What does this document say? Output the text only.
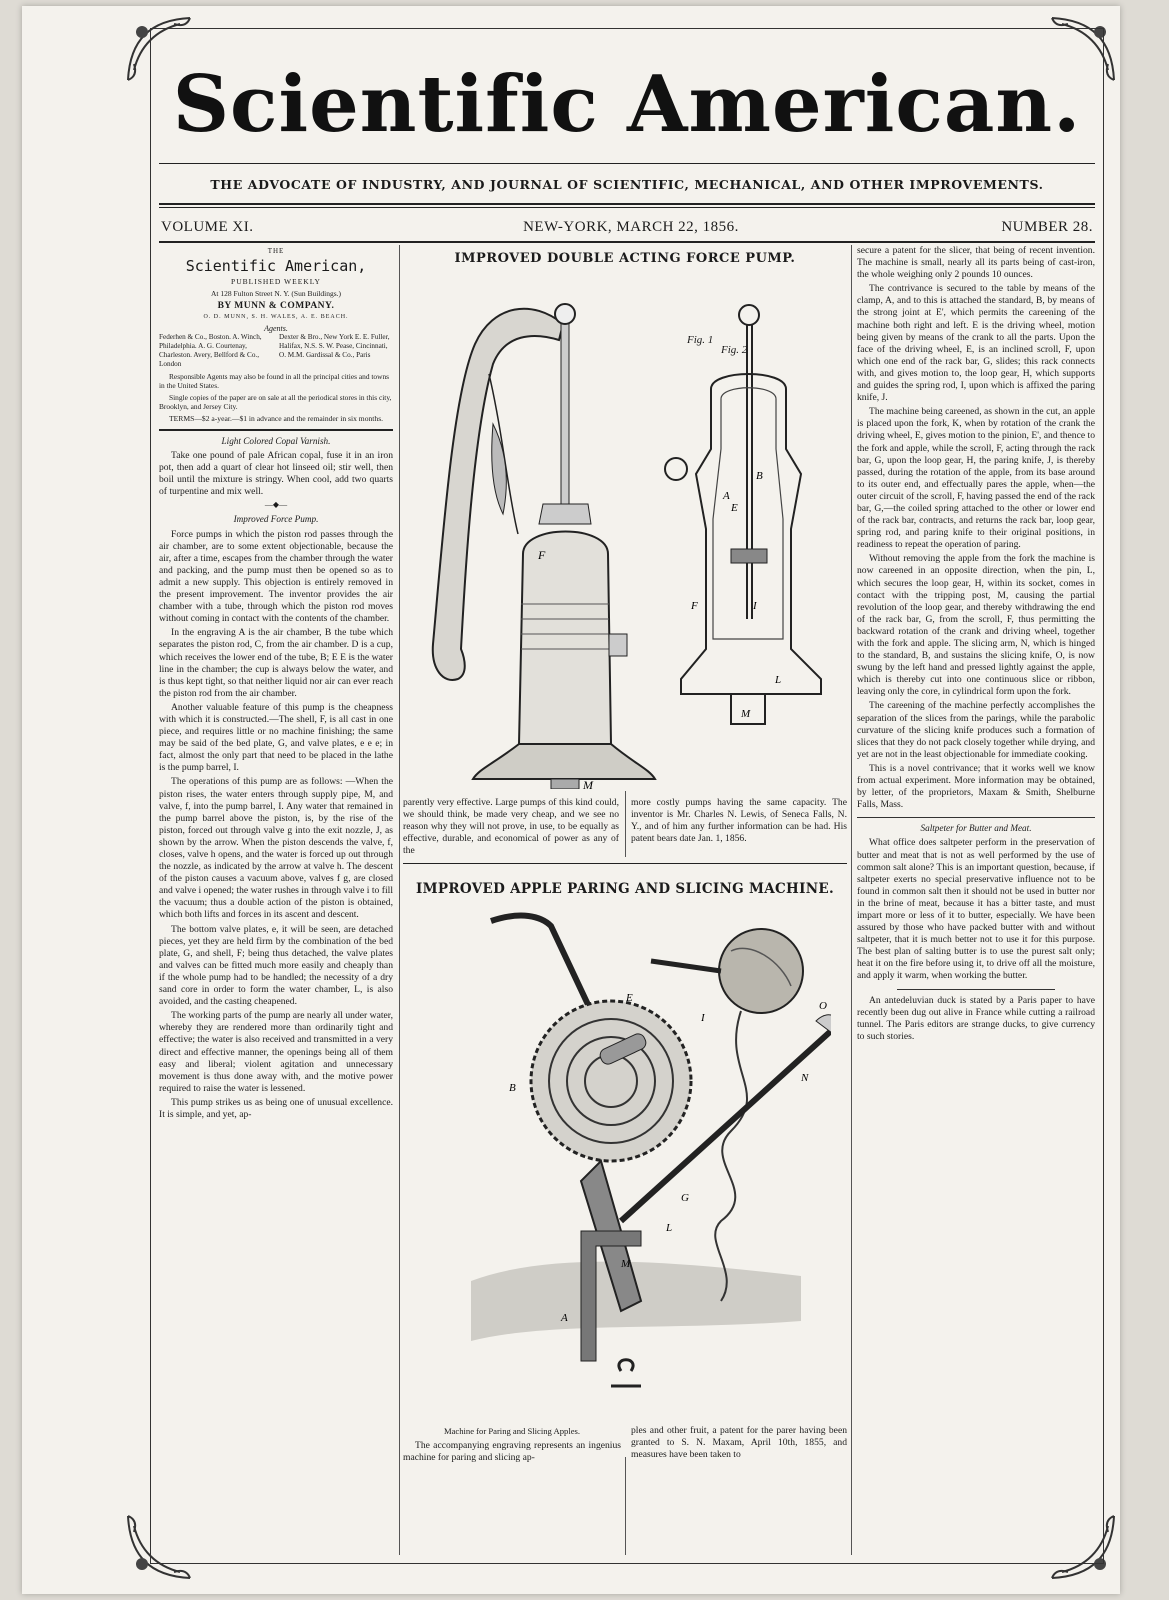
Scientific American.
THE ADVOCATE OF INDUSTRY, AND JOURNAL OF SCIENTIFIC, MECHANICAL, AND OTHER IMPROVEMENTS.
VOLUME XI.	NEW-YORK, MARCH 22, 1856.	NUMBER 28.
THE
Scientific American,
PUBLISHED WEEKLY
At 128 Fulton Street N. Y. (Sun Buildings.)
BY MUNN & COMPANY.
O. D. MUNN, S. H. WALES, A. E. BEACH.
Agents.
Federhen & Co., Boston. A. Winch, Philadelphia. A. G. Courtenay, Charleston. Avery, Bellford & Co., London
Dexter & Bro., New York E. E. Fuller, Halifax, N.S. S. W. Pease, Cincinnati, O. M.M. Gardissal & Co., Paris
Responsible Agents may also be found in all the principal cities and towns in the United States.
Single copies of the paper are on sale at all the periodical stores in this city, Brooklyn, and Jersey City.
TERMS—$2 a-year.—$1 in advance and the remainder in six months.

Light Colored Copal Varnish.

Take one pound of pale African copal, fuse it in an iron pot, then add a quart of clear hot linseed oil; stir well, then boil until the mixture is stringy. When cool, add two quarts of turpentine and mix well.

—◆—

Improved Force Pump.

Force pumps in which the piston rod passes through the air chamber, are to some extent objectionable, because the air, after a time, escapes from the chamber through the water and packing, and the pump must then be opened so as to admit a new supply. This objection is entirely removed in the present improvement. The inventor provides the air chamber with a tube, through which the piston rod moves without coming in contact with the contents of the chamber.

In the engraving A is the air chamber, B the tube which separates the piston rod, C, from the air chamber. D is a cup, which receives the lower end of the tube, B; E E is the water line in the chamber; the cup is always below the water, and is thus kept tight, so that neither liquid nor air can ever reach the piston rod from the air chamber.

Another valuable feature of this pump is the cheapness with which it is constructed.—The shell, F, is all cast in one piece, and requires little or no machine finishing; the same may be said of the bed plate, G, and valve plates, e e e; in fact, almost the only part that need to be placed in the lathe is the pump barrel, I.

The operations of this pump are as follows: —When the piston rises, the water enters through supply pipe, M, and valve, f, into the pump barrel, I. Any water that remained in the pump barrel above the piston, is, by the rise of the piston, forced out through valve g into the exit nozzle, J, as shown by the arrow. When the piston descends the valve, f, closes, valve h opens, and the water is forced up out through the nozzle, as indicated by the arrow at valve h. The descent of the piston causes a vacuum above, valves f g, are closed and valve i opened; the water rushes in through valve i to fill the vacuum; thus a double action of the piston is obtained, which both lifts and forces in its ascent and descent.

The bottom valve plates, e, it will be seen, are detached pieces, yet they are held firm by the combination of the bed plate, G, and shell, F; being thus detached, the valve plates and valves can be fitted much more easily and cheaply than if the whole pump had to be handled; the necessity of a dry sand core in order to form the water chamber, L, is also avoided, and the casting cheapened.

The working parts of the pump are nearly all under water, whereby they are rendered more than ordinarily tight and effective; the water is also received and transmitted in a very direct and effective manner, the openings being all of them easy and liberal; violent agitation and unnecessary movement is thus done away with, and the motive power required to raise the water is lessened.

This pump strikes us as being one of unusual excellence. It is simple, and yet, ap-

IMPROVED DOUBLE ACTING FORCE PUMP.
F
M
Fig. 1
A
B
E
F	I
L
M
Fig. 2

parently very effective. Large pumps of this kind could, we should think, be made very cheap, and we see no reason why they will not prove, in use, to be equally as effective, durable, and economical of power as any of the

more costly pumps having the same capacity. The inventor is Mr. Charles N. Lewis, of Seneca Falls, N. Y., and of him any further information can be had. His patent bears date Jan. 1, 1856.

IMPROVED APPLE PARING AND SLICING MACHINE.
E
B
I
N
G
L
M
A
O

Machine for Paring and Slicing Apples.

The accompanying engraving represents an ingenius machine for paring and slicing ap-

ples and other fruit, a patent for the parer having been granted to S. N. Maxam, April 10th, 1855, and measures have been taken to

secure a patent for the slicer, that being of recent invention. The machine is small, nearly all its parts being of cast-iron, the whole weighing only 2 pounds 10 ounces.

The contrivance is secured to the table by means of the clamp, A, and to this is attached the standard, B, by means of the strong joint at E', which permits the careening of the machine both right and left. E is the driving wheel, motion being given by means of the crank to all the parts. Upon the face of the driving wheel, E, is an inclined scroll, F, upon which one end of the rack bar, G, slides; this rack connects with, and gives motion to, the loop gear, H, which supports and guides the spring rod, I, upon which is affixed the paring knife, J.

The machine being careened, as shown in the cut, an apple is placed upon the fork, K, when by rotation of the crank the driving wheel, E, gives motion to the pinion, E', and thence to the fork and apple, while the scroll, F, acting through the rack bar, G, upon the loop gear, H, the paring knife, J, is thereby passed, during the rotation of the apple, from its base around to its outer end, and effectually pares the apple, when—the outer circuit of the scroll, F, having passed the end of the rack bar, G,—the coiled spring attached to the other or lower end of the rack bar, contracts, and returns the rack bar, loop gear, spring rod, and paring knife to their original positions, in readiness to repeat the operation of paring.

Without removing the apple from the fork the machine is now careened in an opposite direction, when the pin, L, which secures the loop gear, H, within its socket, comes in contact with the tripping post, M, causing the partial revolution of the loop gear, and thereby withdrawing the end of the rack bar, G, from the scroll, F, thus permitting the backward rotation of the crank and driving wheel, together with the fork and apple. The slicing arm, N, which is hinged to the standard, B, and sustains the slicing knife, O, is now swung by the left hand and pressed lightly against the apple, which is thereby cut into one continuous slice or ribbon, leaving only the core, in cylindrical form upon the fork.

The careening of the machine perfectly accomplishes the separation of the slices from the parings, while the parabolic curvature of the slicing knife produces such a formation of slices that they do not pack closely together while drying, and yet are not in the least objectionable for immediate cooking.

This is a novel contrivance; that it works well we know from actual experiment. More information may be obtained, by letter, of the proprietors, Maxam & Smith, Shelburne Falls, Mass.

Saltpeter for Butter and Meat.

What office does saltpeter perform in the preservation of butter and meat that is not as well performed by the use of common salt alone? This is an important question, because, if saltpeter exerts no special preservative influence not to be found in common salt then it should not be used in butter nor in the brine of meat, because it has a bitter taste, and must impart more or less of it to butter, especially. We have been assured by those who have packed butter with and without saltpeter, that it is much better not to use it for this purpose. The best plan of salting butter is to use the purest salt only; heat it on the fire before using it, to drive off all the moisture, and apply it warm, when working the butter.

An antedeluvian duck is stated by a Paris paper to have recently been dug out alive in France while cutting a railroad tunnel. The Paris editors are strange ducks, to give currency to such stories.
